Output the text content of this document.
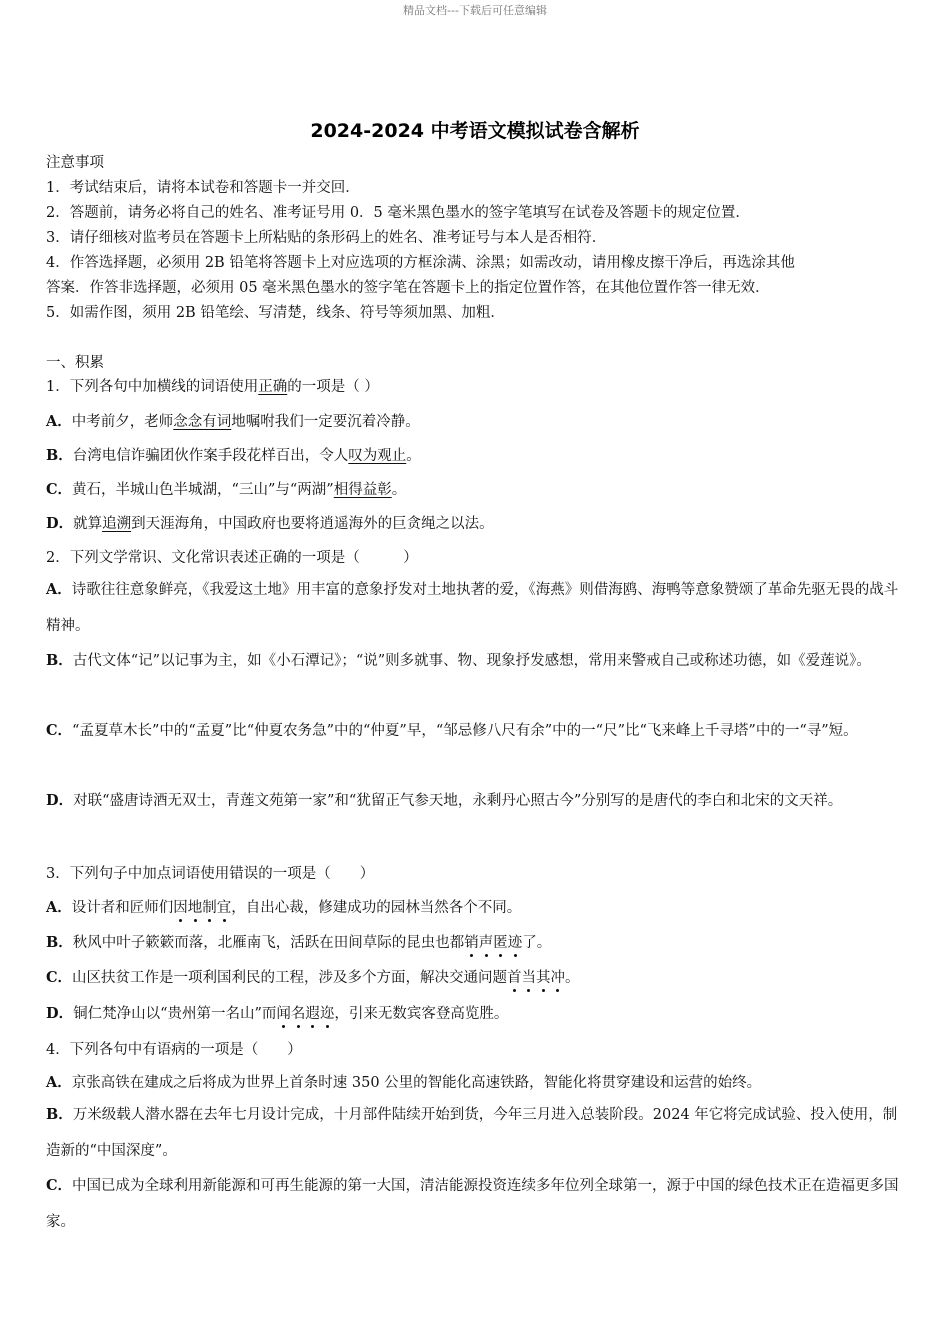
精品文档---下载后可任意编辑
2024-2024 中考语文模拟试卷含解析
注意事项
1．考试结束后，请将本试卷和答题卡一并交回．
2．答题前，请务必将自己的姓名、准考证号用 0．5 毫米黑色墨水的签字笔填写在试卷及答题卡的规定位置．
3．请仔细核对监考员在答题卡上所粘贴的条形码上的姓名、准考证号与本人是否相符．
4．作答选择题，必须用 2B 铅笔将答题卡上对应选项的方框涂满、涂黑；如需改动，请用橡皮擦干净后，再选涂其他
答案．作答非选择题，必须用 05 毫米黑色墨水的签字笔在答题卡上的指定位置作答，在其他位置作答一律无效．
5．如需作图，须用 2B 铅笔绘、写清楚，线条、符号等须加黑、加粗．
一、积累
1．下列各句中加横线的词语使用正确的一项是（ ）
A．中考前夕，老师念念有词地嘱咐我们一定要沉着冷静。
B．台湾电信诈骗团伙作案手段花样百出，令人叹为观止。
C．黄石，半城山色半城湖，“三山”与“两湖”相得益彰。
D．就算追溯到天涯海角，中国政府也要将逍遥海外的巨贪绳之以法。
2．下列文学常识、文化常识表述正确的一项是（　　　）
A．诗歌往往意象鲜亮，《我爱这土地》用丰富的意象抒发对土地执著的爱，《海燕》则借海鸥、海鸭等意象赞颂了革命先驱无畏的战斗精神。
B．古代文体“记”以记事为主，如《小石潭记》；“说”则多就事、物、现象抒发感想，常用来警戒自己或称述功德，如《爱莲说》。
C．“孟夏草木长”中的“孟夏”比“仲夏农务急”中的“仲夏”早，“邹忌修八尺有余”中的一“尺”比“飞来峰上千寻塔”中的一“寻”短。
D．对联“盛唐诗酒无双士，青莲文苑第一家”和“犹留正气参天地，永剩丹心照古今”分别写的是唐代的李白和北宋的文天祥。
3．下列句子中加点词语使用错误的一项是（　　）
A．设计者和匠师们因地制宜，自出心裁，修建成功的园林当然各个不同。
B．秋风中叶子簌簌而落，北雁南飞，活跃在田间草际的昆虫也都销声匿迹了。
C．山区扶贫工作是一项利国利民的工程，涉及多个方面，解决交通问题首当其冲。
D．铜仁梵净山以“贵州第一名山”而闻名遐迩，引来无数宾客登高览胜。
4．下列各句中有语病的一项是（　　）
A．京张高铁在建成之后将成为世界上首条时速 350 公里的智能化高速铁路，智能化将贯穿建设和运营的始终。
B．万米级载人潜水器在去年七月设计完成，十月部件陆续开始到货，今年三月进入总装阶段。2024 年它将完成试验、投入使用，制造新的“中国深度”。
C．中国已成为全球利用新能源和可再生能源的第一大国，清洁能源投资连续多年位列全球第一，源于中国的绿色技术正在造福更多国家。
